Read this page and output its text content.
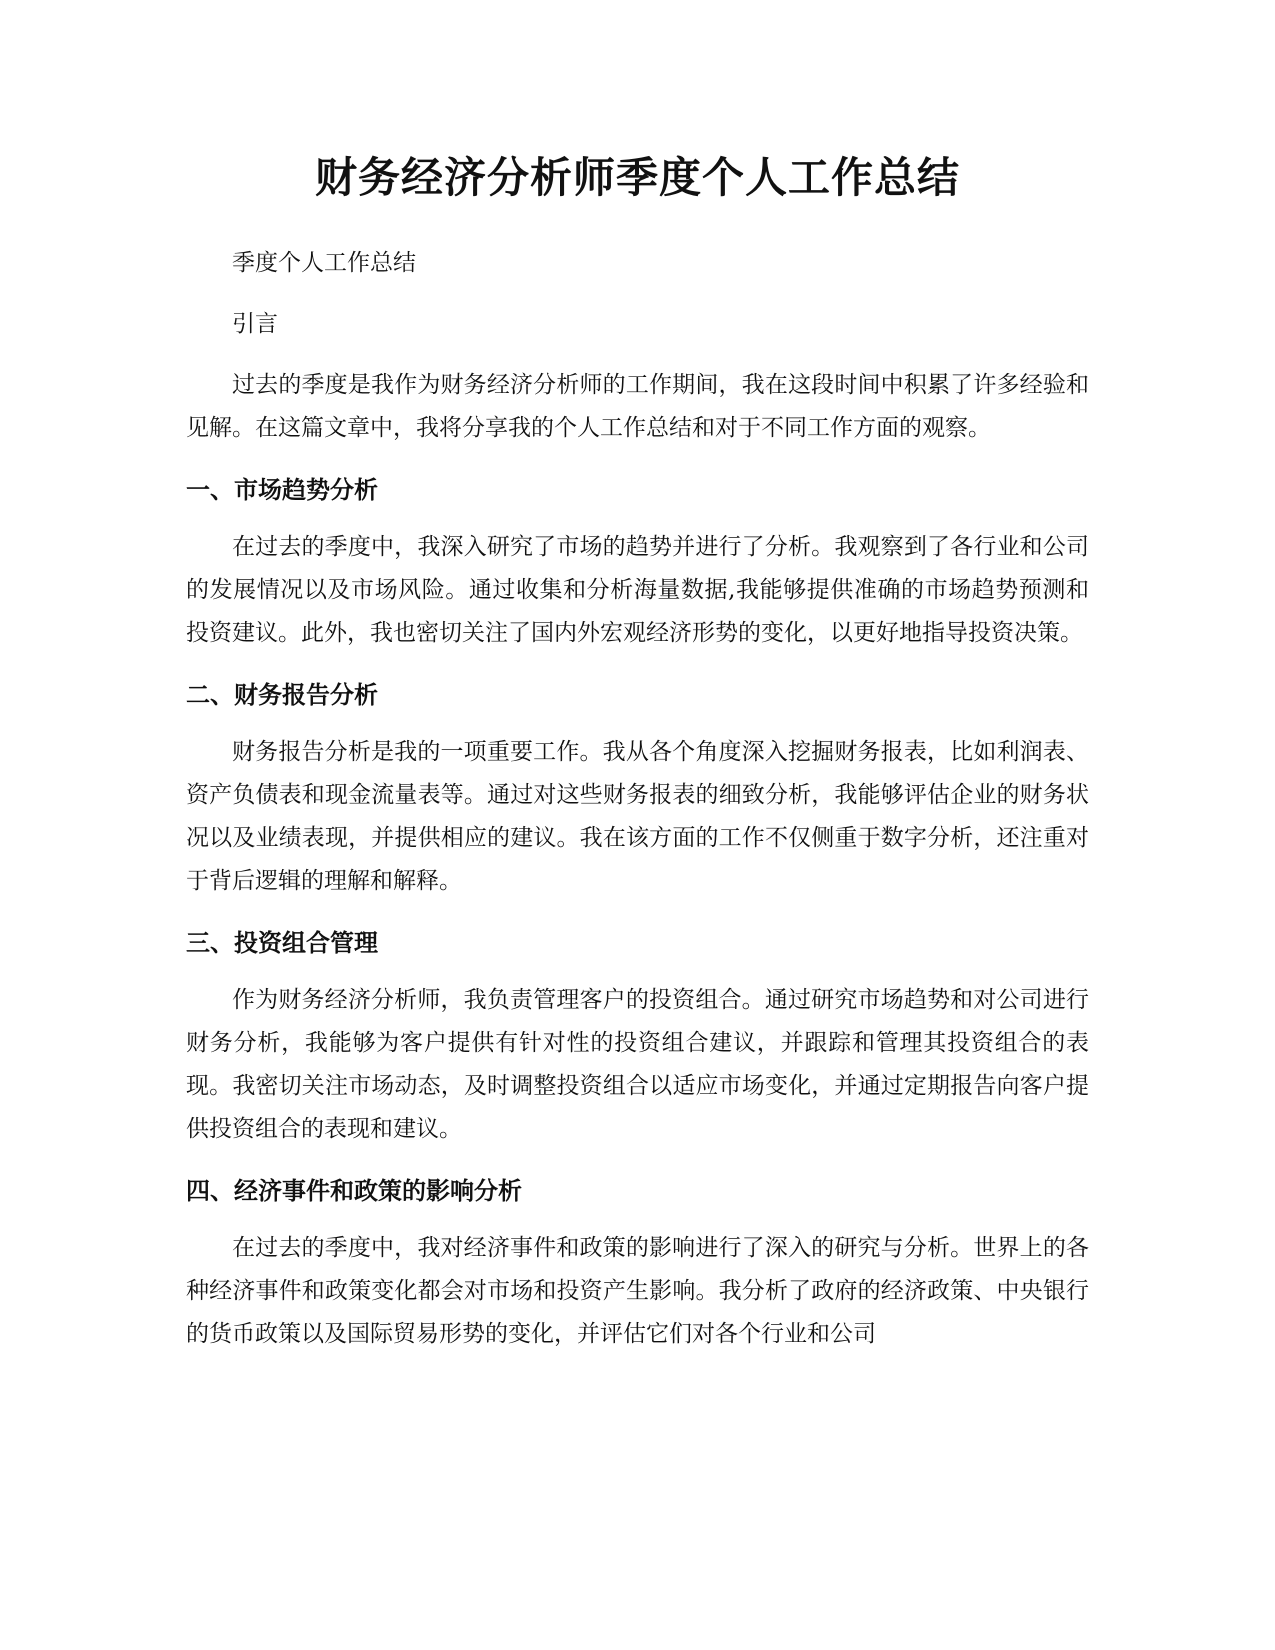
财务经济分析师季度个人工作总结

季度个人工作总结

引言

过去的季度是我作为财务经济分析师的工作期间，我在这段时间中积累了许多经验和见解。在这篇文章中，我将分享我的个人工作总结和对于不同工作方面的观察。

一、市场趋势分析

在过去的季度中，我深入研究了市场的趋势并进行了分析。我观察到了各行业和公司的发展情况以及市场风险。通过收集和分析海量数据,我能够提供准确的市场趋势预测和投资建议。此外，我也密切关注了国内外宏观经济形势的变化，以更好地指导投资决策。

二、财务报告分析

财务报告分析是我的一项重要工作。我从各个角度深入挖掘财务报表，比如利润表、资产负债表和现金流量表等。通过对这些财务报表的细致分析，我能够评估企业的财务状况以及业绩表现，并提供相应的建议。我在该方面的工作不仅侧重于数字分析，还注重对于背后逻辑的理解和解释。

三、投资组合管理

作为财务经济分析师，我负责管理客户的投资组合。通过研究市场趋势和对公司进行财务分析，我能够为客户提供有针对性的投资组合建议，并跟踪和管理其投资组合的表现。我密切关注市场动态，及时调整投资组合以适应市场变化，并通过定期报告向客户提供投资组合的表现和建议。

四、经济事件和政策的影响分析

在过去的季度中，我对经济事件和政策的影响进行了深入的研究与分析。世界上的各种经济事件和政策变化都会对市场和投资产生影响。我分析了政府的经济政策、中央银行的货币政策以及国际贸易形势的变化，并评估它们对各个行业和公司
